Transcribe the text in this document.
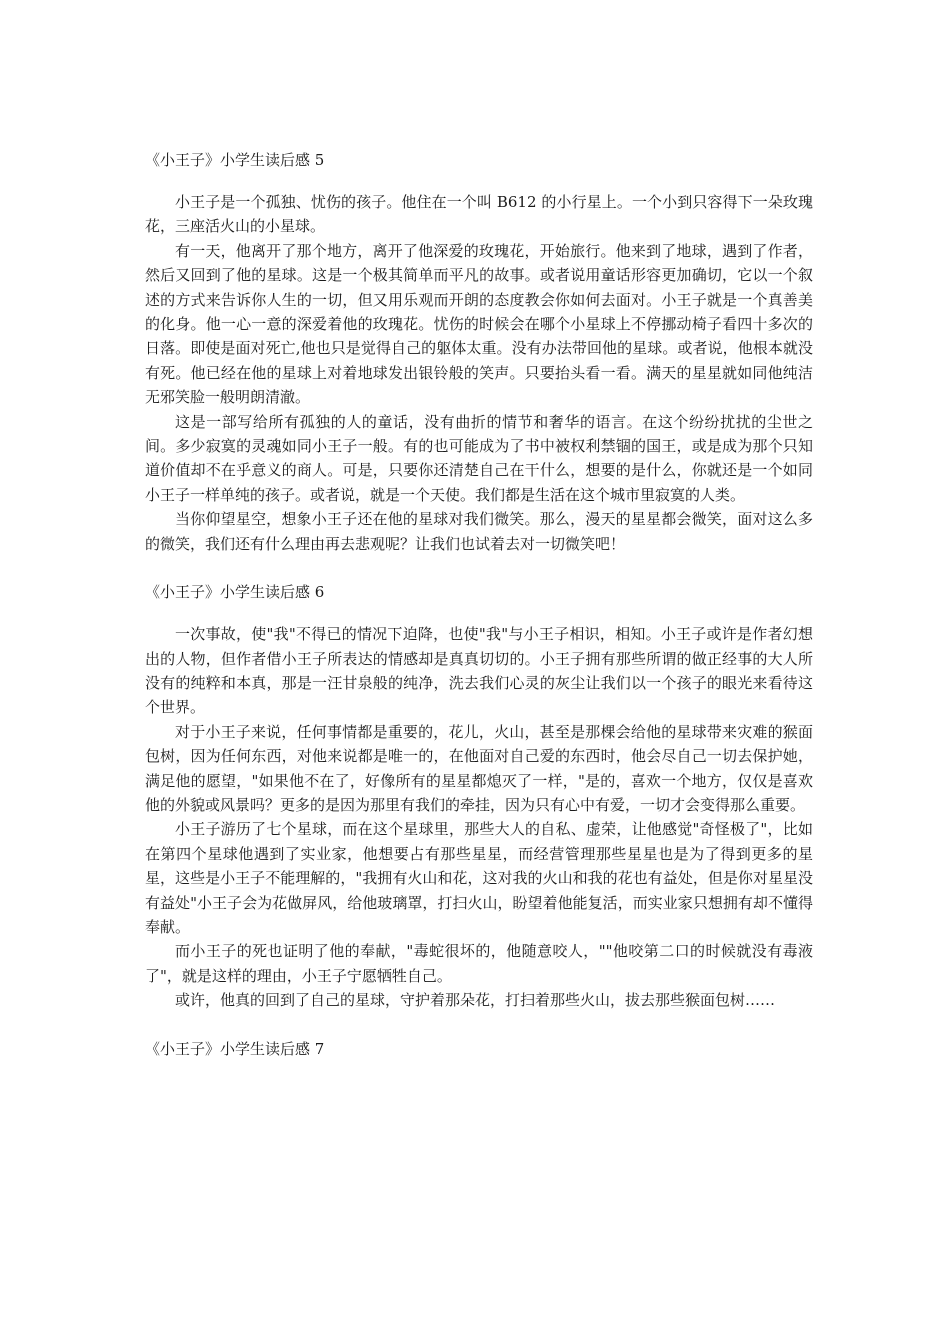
《小王子》小学生读后感 5

小王子是一个孤独、忧伤的孩子。他住在一个叫 B612 的小行星上。一个小到只容得下一朵玫瑰花，三座活火山的小星球。

有一天，他离开了那个地方，离开了他深爱的玫瑰花，开始旅行。他来到了地球，遇到了作者，然后又回到了他的星球。这是一个极其简单而平凡的故事。或者说用童话形容更加确切，它以一个叙述的方式来告诉你人生的一切，但又用乐观而开朗的态度教会你如何去面对。小王子就是一个真善美的化身。他一心一意的深爱着他的玫瑰花。忧伤的时候会在哪个小星球上不停挪动椅子看四十多次的日落。即使是面对死亡,他也只是觉得自己的躯体太重。没有办法带回他的星球。或者说，他根本就没有死。他已经在他的星球上对着地球发出银铃般的笑声。只要抬头看一看。满天的星星就如同他纯洁无邪笑脸一般明朗清澈。

这是一部写给所有孤独的人的童话，没有曲折的情节和奢华的语言。在这个纷纷扰扰的尘世之间。多少寂寞的灵魂如同小王子一般。有的也可能成为了书中被权利禁锢的国王，或是成为那个只知道价值却不在乎意义的商人。可是，只要你还清楚自己在干什么，想要的是什么，你就还是一个如同小王子一样单纯的孩子。或者说，就是一个天使。我们都是生活在这个城市里寂寞的人类。

当你仰望星空，想象小王子还在他的星球对我们微笑。那么，漫天的星星都会微笑，面对这么多的微笑，我们还有什么理由再去悲观呢？让我们也试着去对一切微笑吧！

《小王子》小学生读后感 6

一次事故，使"我"不得已的情况下迫降，也使"我"与小王子相识，相知。小王子或许是作者幻想出的人物，但作者借小王子所表达的情感却是真真切切的。小王子拥有那些所谓的做正经事的大人所没有的纯粹和本真，那是一汪甘泉般的纯净，洗去我们心灵的灰尘让我们以一个孩子的眼光来看待这个世界。

对于小王子来说，任何事情都是重要的，花儿，火山，甚至是那棵会给他的星球带来灾难的猴面包树，因为任何东西，对他来说都是唯一的，在他面对自己爱的东西时，他会尽自己一切去保护她，满足他的愿望，"如果他不在了，好像所有的星星都熄灭了一样，"是的，喜欢一个地方，仅仅是喜欢他的外貌或风景吗？更多的是因为那里有我们的牵挂，因为只有心中有爱，一切才会变得那么重要。

小王子游历了七个星球，而在这个星球里，那些大人的自私、虚荣，让他感觉"奇怪极了"，比如在第四个星球他遇到了实业家，他想要占有那些星星，而经营管理那些星星也是为了得到更多的星星，这些是小王子不能理解的，"我拥有火山和花，这对我的火山和我的花也有益处，但是你对星星没有益处"小王子会为花做屏风，给他玻璃罩，打扫火山，盼望着他能复活，而实业家只想拥有却不懂得奉献。

而小王子的死也证明了他的奉献，"毒蛇很坏的，他随意咬人，""他咬第二口的时候就没有毒液了"，就是这样的理由，小王子宁愿牺牲自己。

或许，他真的回到了自己的星球，守护着那朵花，打扫着那些火山，拔去那些猴面包树……

《小王子》小学生读后感 7
